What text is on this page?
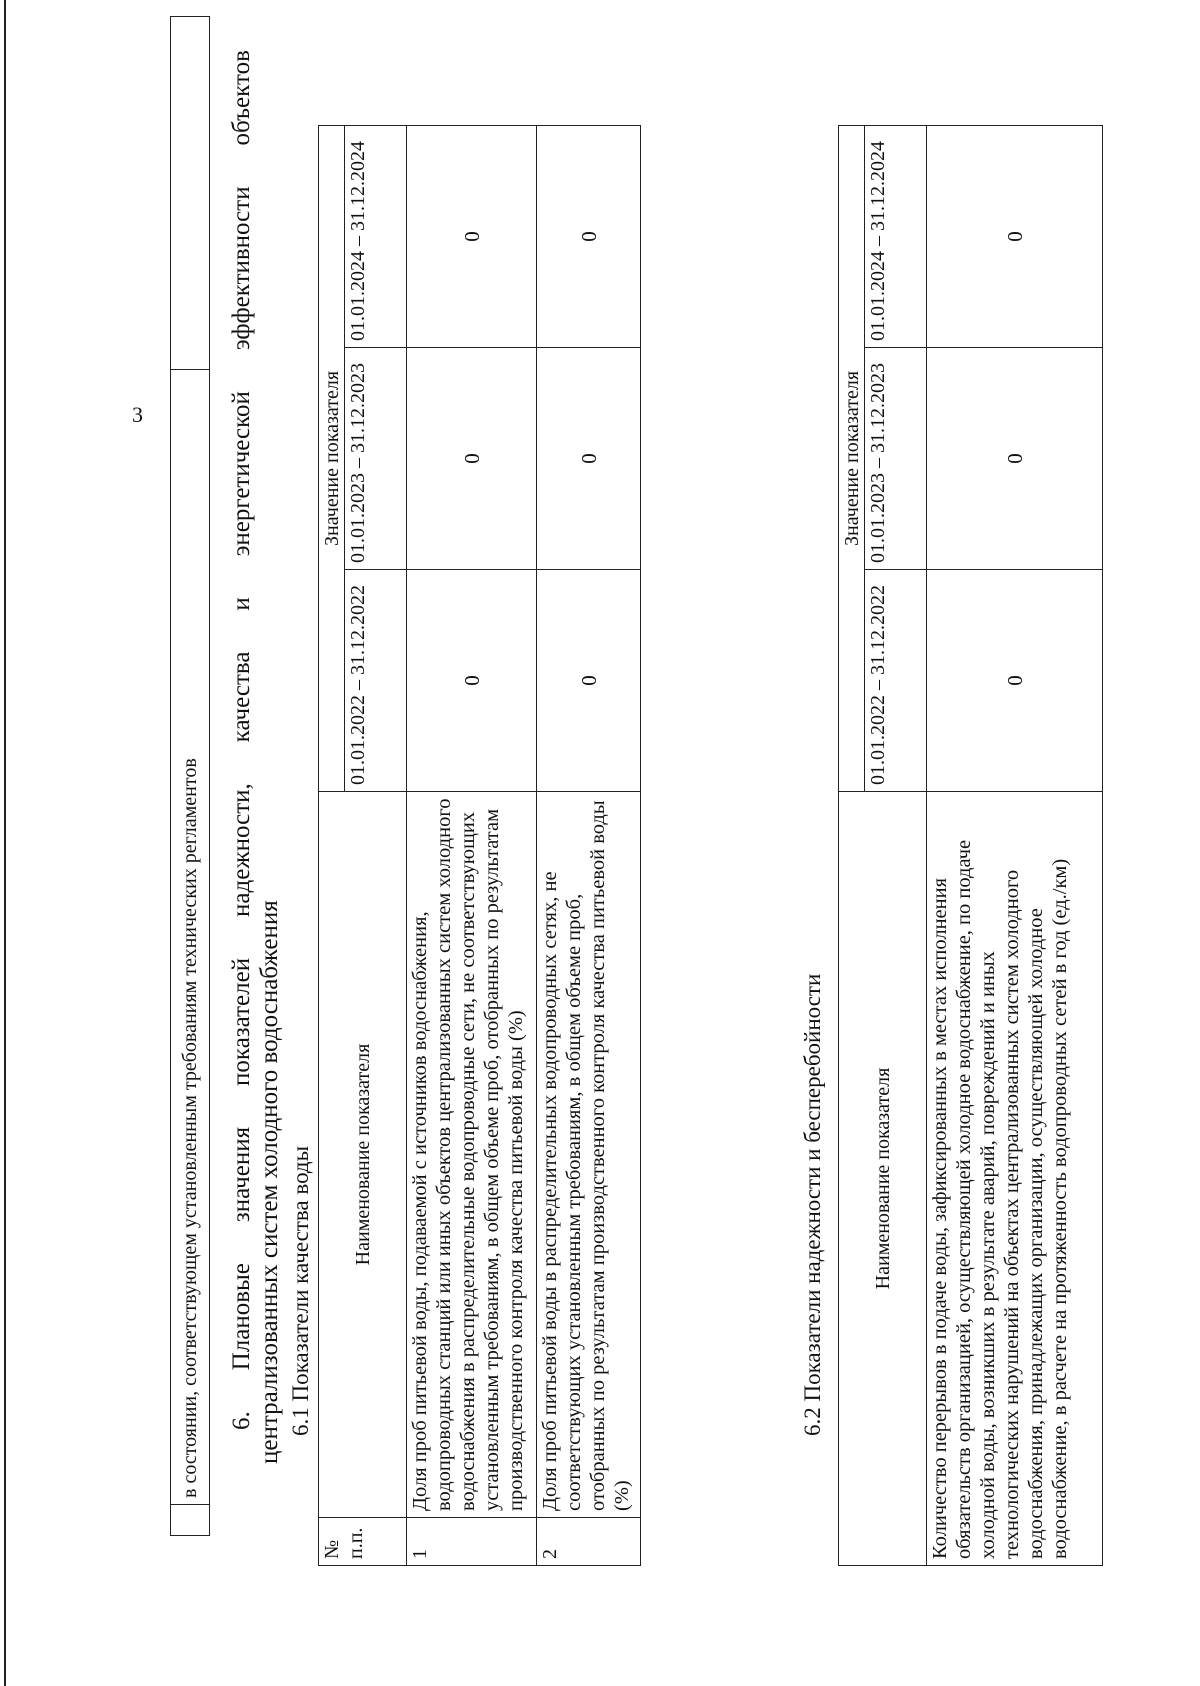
3
	в состоянии, соответствующем установленным требованиям технических регламентов	6.
Плановые
значения
показателей
надежности,
качества
и
энергетической
эффективности
объектов
централизованных систем холодного водоснабжения 6.1 Показатели качества воды
№ п.п.	Наименование показателя	Значение показателя		
		01.01.2022 – 31.12.2022	01.01.2023 – 31.12.2023	01.01.2024 – 31.12.2024
1	Доля проб питьевой воды, подаваемой с источников водоснабжения, водопроводных станций или иных объектов централизованных систем холодного водоснабжения в распределительные водопроводные сети, не соответствующих установленным требованиям, в общем объеме проб, отобранных по результатам производственного контроля качества питьевой воды (%)	0	0	0
2	Доля проб питьевой воды в распределительных водопроводных сетях, не соответствующих установленным требованиям, в общем объеме проб, отобранных по результатам производственного контроля качества питьевой воды (%)	0	0	0
6.2 Показатели надежности и бесперебойности Наименование показателя	Значение показателя		
	01.01.2022 – 31.12.2022	01.01.2023 – 31.12.2023	01.01.2024 – 31.12.2024
Количество перерывов в подаче воды, зафиксированных в местах исполнения обязательств организацией, осуществляющей холодное водоснабжение, по подаче холодной воды, возникших в результате аварий, повреждений и иных технологических нарушений на объектах централизованных систем холодного водоснабжения, принадлежащих организации, осуществляющей холодное водоснабжение, в расчете на протяженность водопроводных сетей в год (ед./км)	0	0	0
